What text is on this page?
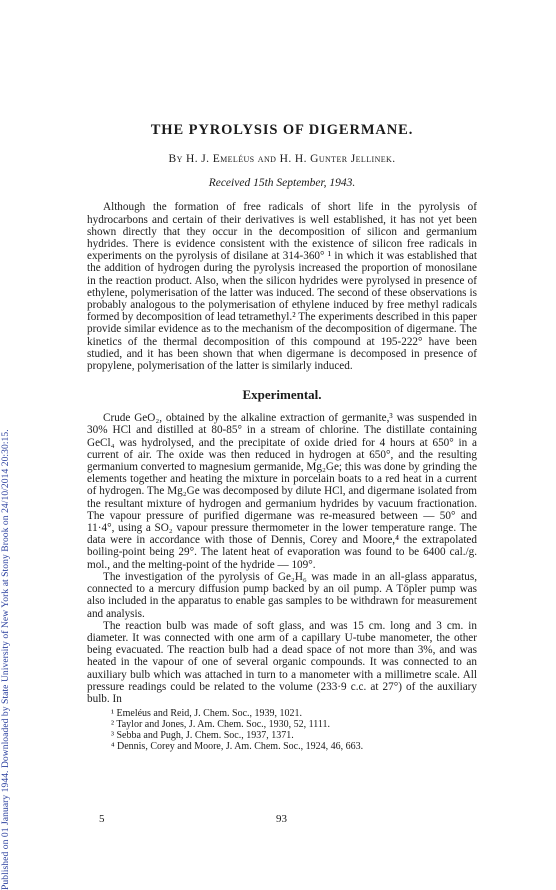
Published on 01 January 1944. Downloaded by State University of New York at Stony Brook on 24/10/2014 20:30:15.
THE PYROLYSIS OF DIGERMANE.
By H. J. Emeléus and H. H. Gunter Jellinek.
Received 15th September, 1943.

Although the formation of free radicals of short life in the pyrolysis of hydrocarbons and certain of their derivatives is well established, it has not yet been shown directly that they occur in the decomposition of silicon and germanium hydrides. There is evidence consistent with the existence of silicon free radicals in experiments on the pyrolysis of disilane at 314-360° ¹ in which it was established that the addition of hydrogen during the pyrolysis increased the proportion of monosilane in the reaction product. Also, when the silicon hydrides were pyrolysed in presence of ethylene, polymerisation of the latter was induced. The second of these observations is probably analogous to the polymerisation of ethylene induced by free methyl radicals formed by decomposition of lead tetramethyl.² The experiments described in this paper provide similar evidence as to the mechanism of the decomposition of digermane. The kinetics of the thermal decomposition of this compound at 195-222° have been studied, and it has been shown that when digermane is decomposed in presence of propylene, polymerisation of the latter is similarly induced.

Experimental.

Crude GeO₂, obtained by the alkaline extraction of germanite,³ was suspended in 30% HCl and distilled at 80-85° in a stream of chlorine. The distillate containing GeCl₄ was hydrolysed, and the precipitate of oxide dried for 4 hours at 650° in a current of air. The oxide was then reduced in hydrogen at 650°, and the resulting germanium converted to magnesium germanide, Mg₂Ge; this was done by grinding the elements together and heating the mixture in porcelain boats to a red heat in a current of hydrogen. The Mg₂Ge was decomposed by dilute HCl, and digermane isolated from the resultant mixture of hydrogen and germanium hydrides by vacuum fractionation. The vapour pressure of purified digermane was re-measured between — 50° and 11·4°, using a SO₂ vapour pressure thermometer in the lower temperature range. The data were in accordance with those of Dennis, Corey and Moore,⁴ the extrapolated boiling-point being 29°. The latent heat of evaporation was found to be 6400 cal./g. mol., and the melting-point of the hydride — 109°.

The investigation of the pyrolysis of Ge₂H₆ was made in an all-glass apparatus, connected to a mercury diffusion pump backed by an oil pump. A Töpler pump was also included in the apparatus to enable gas samples to be withdrawn for measurement and analysis.

The reaction bulb was made of soft glass, and was 15 cm. long and 3 cm. in diameter. It was connected with one arm of a capillary U-tube manometer, the other being evacuated. The reaction bulb had a dead space of not more than 3%, and was heated in the vapour of one of several organic compounds. It was connected to an auxiliary bulb which was attached in turn to a manometer with a millimetre scale. All pressure readings could be related to the volume (233·9 c.c. at 27°) of the auxiliary bulb. In

¹ Emeléus and Reid, J. Chem. Soc., 1939, 1021.
² Taylor and Jones, J. Am. Chem. Soc., 1930, 52, 1111.
³ Sebba and Pugh, J. Chem. Soc., 1937, 1371.
⁴ Dennis, Corey and Moore, J. Am. Chem. Soc., 1924, 46, 663.
5	93
